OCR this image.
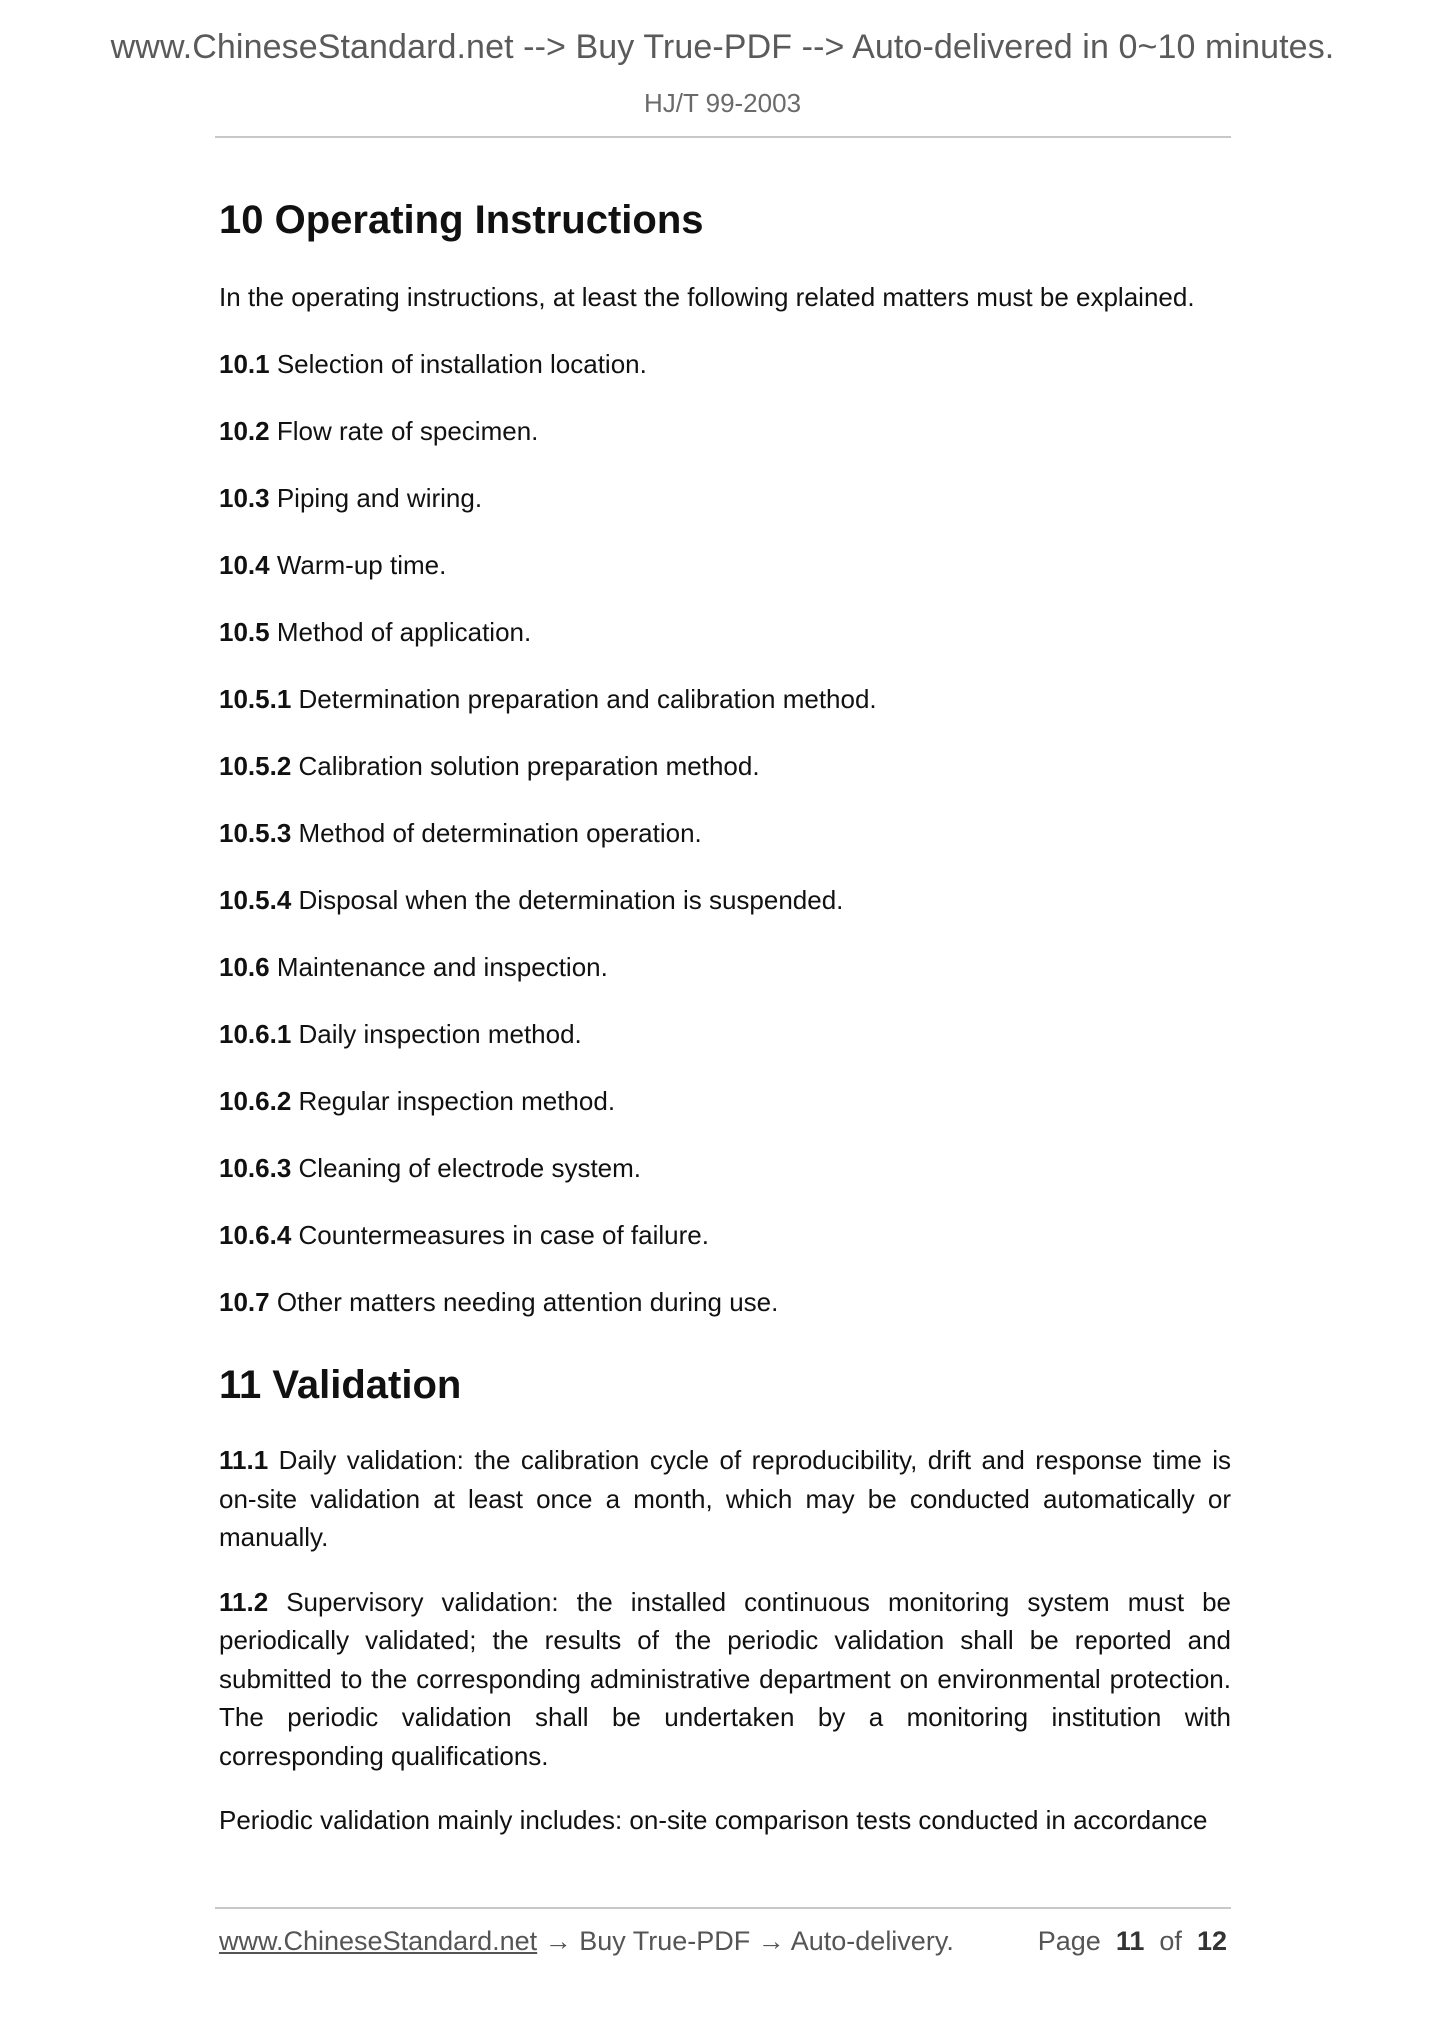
www.ChineseStandard.net --> Buy True-PDF --> Auto-delivered in 0~10 minutes.
HJ/T 99-2003
10 Operating Instructions

In the operating instructions, at least the following related matters must be explained.

10.1 Selection of installation location.
10.2 Flow rate of specimen.
10.3 Piping and wiring.
10.4 Warm-up time.
10.5 Method of application.
10.5.1 Determination preparation and calibration method.
10.5.2 Calibration solution preparation method.
10.5.3 Method of determination operation.
10.5.4 Disposal when the determination is suspended.
10.6 Maintenance and inspection.
10.6.1 Daily inspection method.
10.6.2 Regular inspection method.
10.6.3 Cleaning of electrode system.
10.6.4 Countermeasures in case of failure.
10.7 Other matters needing attention during use.
11 Validation

11.1 Daily validation: the calibration cycle of reproducibility, drift and response time is on-site validation at least once a month, which may be conducted automatically or manually.

11.2 Supervisory validation: the installed continuous monitoring system must be periodically validated; the results of the periodic validation shall be reported and submitted to the corresponding administrative department on environmental protection. The periodic validation shall be undertaken by a monitoring institution with corresponding qualifications.

Periodic validation mainly includes: on-site comparison tests conducted in accordance

www.ChineseStandard.net → Buy True-PDF → Auto-delivery.	Page 11 of 12
